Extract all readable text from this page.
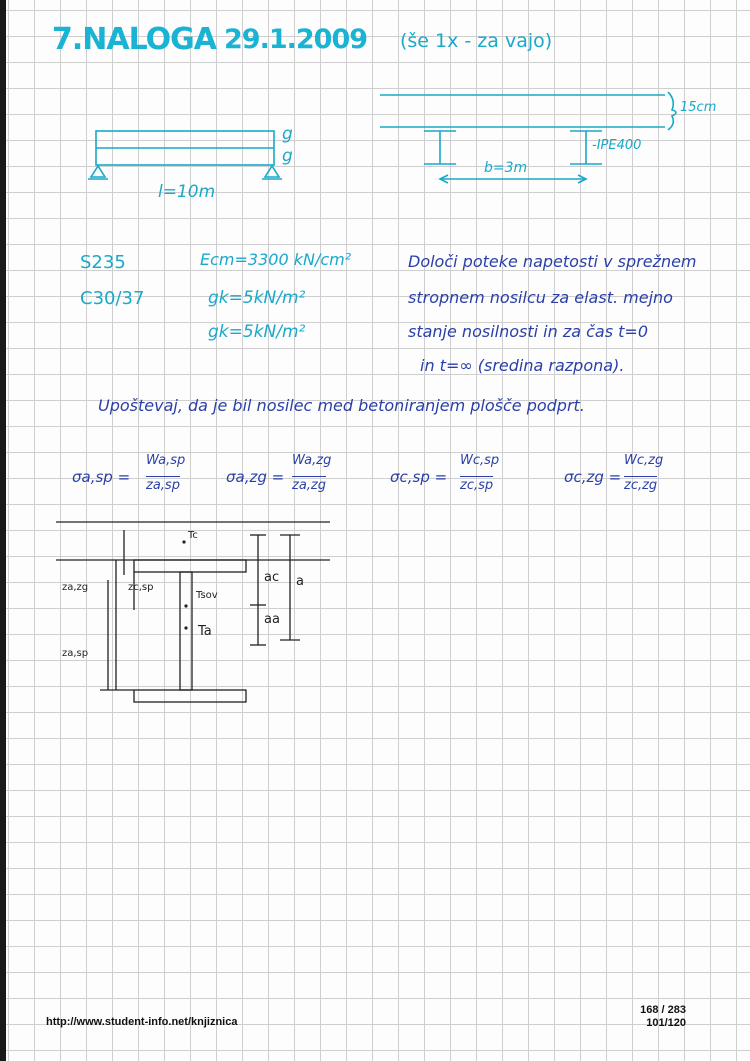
7.NALOGA 29.1.2009 (še 1x - za vajo)
l=10m
g
g
15cm
-IPE400
b=3m
S235
C30/37
Ecm=3300 kN/cm²
gk=5kN/m²
gk=5kN/m²
Določi poteke napetosti v sprežnem
stropnem nosilcu za elast. mejno
stanje nosilnosti in za čas t=0
in t=∞ (sredina razpona).
Upoštevaj, da je bil nosilec med betoniranjem ploščе podprt.
σa,sp =
Wa,sp
za,sp	σa,zg =
Wa,zg
za,zg	σc,sp =
Wc,sp
zc,sp	σc,zg =
Wc,zg
zc,zg
Tc
Tsov
Ta
za,zg	zc,sp
za,sp
ac
aa
a
http://www.student-info.net/knjiznica
168 / 283
101/120
